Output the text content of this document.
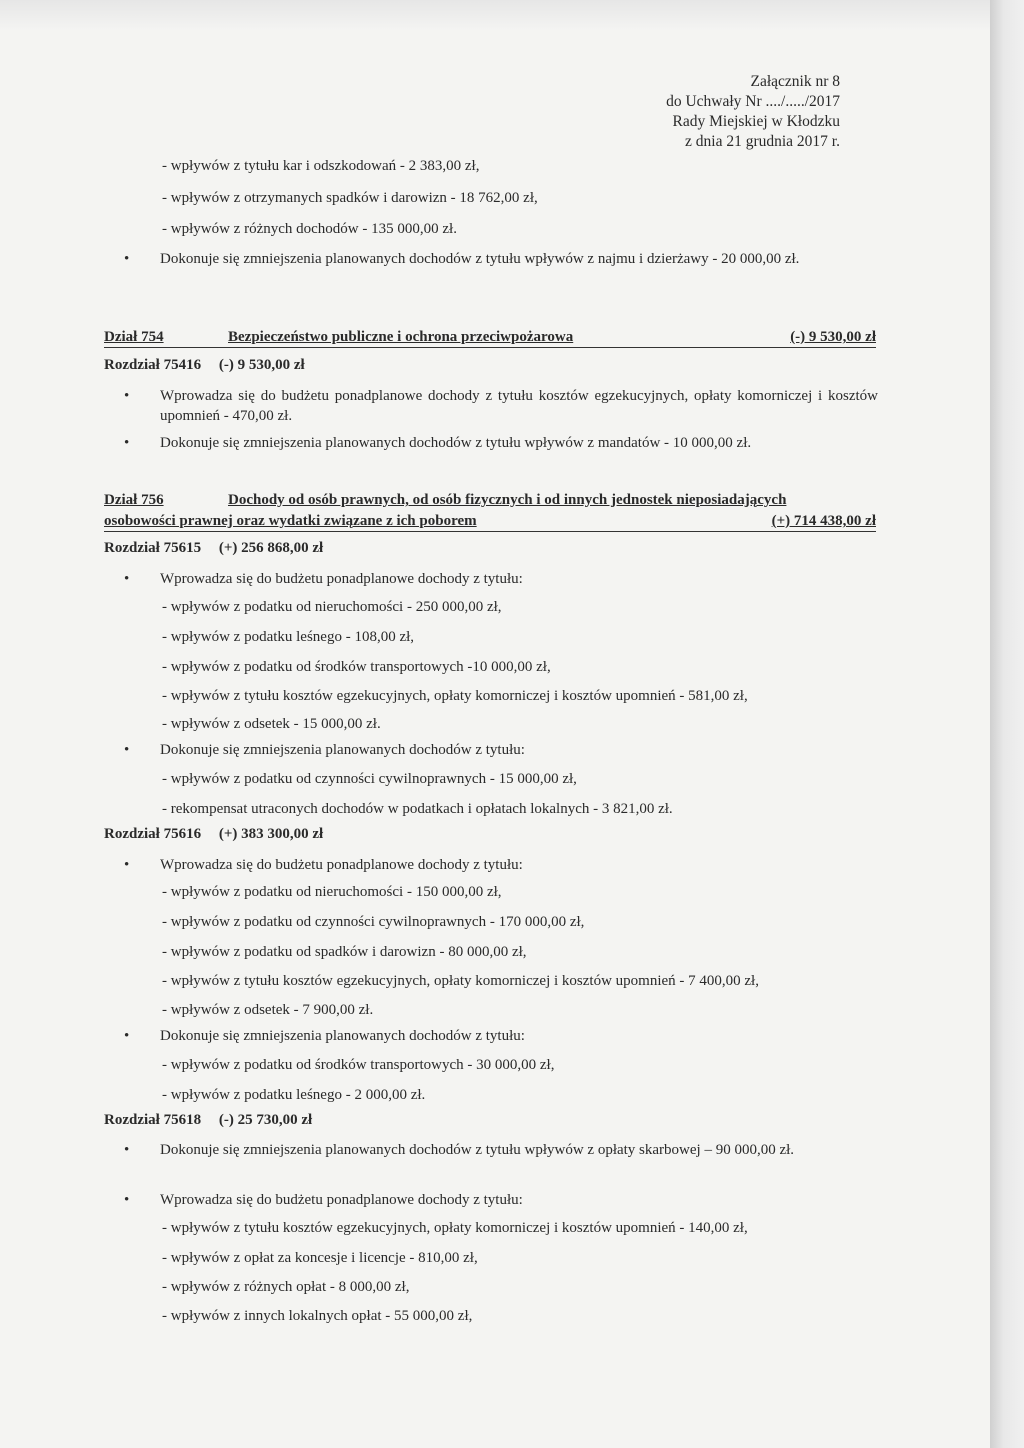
Załącznik nr 8
do Uchwały Nr ..../...../2017
Rady Miejskiej w Kłodzku
z dnia 21 grudnia 2017 r.
- wpływów z tytułu kar i odszkodowań - 2 383,00 zł,
- wpływów z otrzymanych spadków i darowizn - 18 762,00 zł,
- wpływów z różnych dochodów - 135 000,00 zł.
• Dokonuje się zmniejszenia planowanych dochodów z tytułu wpływów z najmu i dzierżawy - 20 000,00 zł.
Dział 754	Bezpieczeństwo publiczne i ochrona przeciwpożarowa	(-) 9 530,00 zł
Rozdział 75416 (-) 9 530,00 zł
• Wprowadza się do budżetu ponadplanowe dochody z tytułu kosztów egzekucyjnych, opłaty komorniczej i kosztów upomnień - 470,00 zł.
• Dokonuje się zmniejszenia planowanych dochodów z tytułu wpływów z mandatów - 10 000,00 zł.
Dział 756	Dochody od osób prawnych, od osób fizycznych i od innych jednostek nieposiadających
osobowości prawnej oraz wydatki związane z ich poborem	(+) 714 438,00 zł
Rozdział 75615 (+) 256 868,00 zł
• Wprowadza się do budżetu ponadplanowe dochody z tytułu:
- wpływów z podatku od nieruchomości - 250 000,00 zł,
- wpływów z podatku leśnego - 108,00 zł,
- wpływów z podatku od środków transportowych -10 000,00 zł,
- wpływów z tytułu kosztów egzekucyjnych, opłaty komorniczej i kosztów upomnień - 581,00 zł,
- wpływów z odsetek - 15 000,00 zł.
• Dokonuje się zmniejszenia planowanych dochodów z tytułu:
- wpływów z podatku od czynności cywilnoprawnych - 15 000,00 zł,
- rekompensat utraconych dochodów w podatkach i opłatach lokalnych - 3 821,00 zł.
Rozdział 75616 (+) 383 300,00 zł
• Wprowadza się do budżetu ponadplanowe dochody z tytułu:
- wpływów z podatku od nieruchomości - 150 000,00 zł,
- wpływów z podatku od czynności cywilnoprawnych - 170 000,00 zł,
- wpływów z podatku od spadków i darowizn - 80 000,00 zł,
- wpływów z tytułu kosztów egzekucyjnych, opłaty komorniczej i kosztów upomnień - 7 400,00 zł,
- wpływów z odsetek - 7 900,00 zł.
• Dokonuje się zmniejszenia planowanych dochodów z tytułu:
- wpływów z podatku od środków transportowych - 30 000,00 zł,
- wpływów z podatku leśnego - 2 000,00 zł.
Rozdział 75618 (-) 25 730,00 zł
• Dokonuje się zmniejszenia planowanych dochodów z tytułu wpływów z opłaty skarbowej – 90 000,00 zł.
• Wprowadza się do budżetu ponadplanowe dochody z tytułu:
- wpływów z tytułu kosztów egzekucyjnych, opłaty komorniczej i kosztów upomnień - 140,00 zł,
- wpływów z opłat za koncesje i licencje - 810,00 zł,
- wpływów z różnych opłat - 8 000,00 zł,
- wpływów z innych lokalnych opłat - 55 000,00 zł,
